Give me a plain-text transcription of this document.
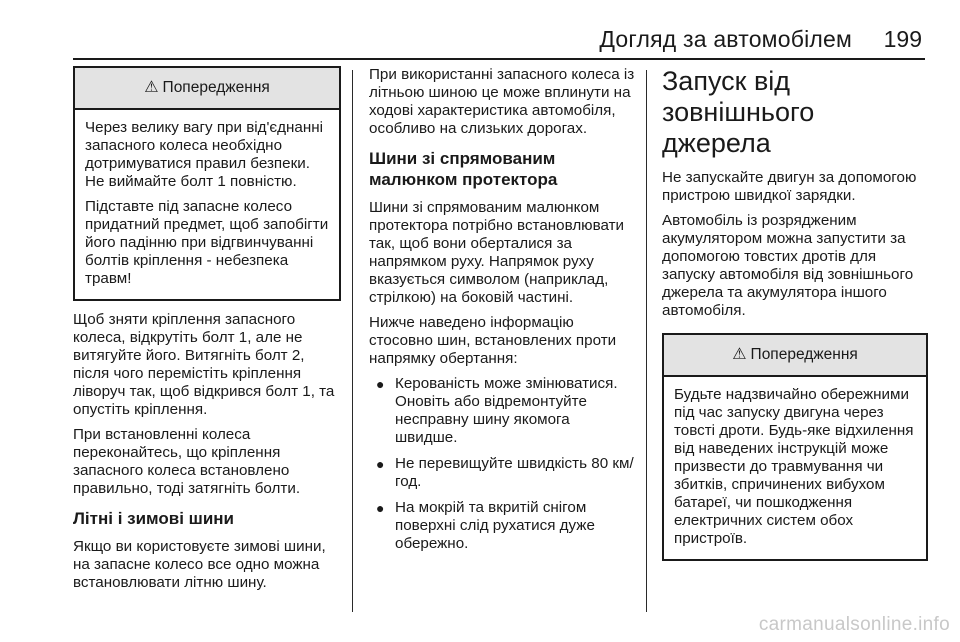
Догляд за автомобілем 199
⚠ Попередження

Через велику вагу при від'єднанні запасного колеса необхідно дотримуватися правил безпеки. Не виймайте болт 1 повністю.

Підставте під запасне колесо придатний предмет, щоб запобігти його падінню при відгвинчуванні болтів кріплення - небезпека травм!

Щоб зняти кріплення запасного колеса, відкрутіть болт 1, але не витягуйте його. Витягніть болт 2, після чого перемістіть кріплення ліворуч так, щоб відкрився болт 1, та опустіть кріплення.

При встановленні колеса переконайтесь, що кріплення запасного колеса встановлено правильно, тоді затягніть болти.

Літні і зимові шини

Якщо ви користовуєте зимові шини, на запасне колесо все одно можна встановлювати літню шину.

При використанні запасного колеса із літньою шиною це може вплинути на ходові характеристика автомобіля, особливо на слизьких дорогах.

Шини зі спрямованим малюнком протектора

Шини зі спрямованим малюнком протектора потрібно встановлювати так, щоб вони оберталися за напрямком руху. Напрямок руху вказується символом (наприклад, стрілкою) на боковій частині.

Нижче наведено інформацію стосовно шин, встановлених проти напрямку обертання:

● Керованість може змінюватися. Оновіть або відремонтуйте несправну шину якомога швидше.
● Не перевищуйте швидкість 80 км/год.
● На мокрій та вкритій снігом поверхні слід рухатися дуже обережно.
Запуск від зовнішнього джерела

Не запускайте двигун за допомогою пристрою швидкої зарядки.

Автомобіль із розрядженим акумулятором можна запустити за допомогою товстих дротів для запуску автомобіля від зовнішнього джерела та акумулятора іншого автомобіля.

⚠ Попередження

Будьте надзвичайно обережними під час запуску двигуна через товсті дроти. Будь-яке відхилення від наведених інструкцій може призвести до травмування чи збитків, спричинених вибухом батареї, чи пошкодження електричних систем обох пристроїв.

carmanualsonline.info
